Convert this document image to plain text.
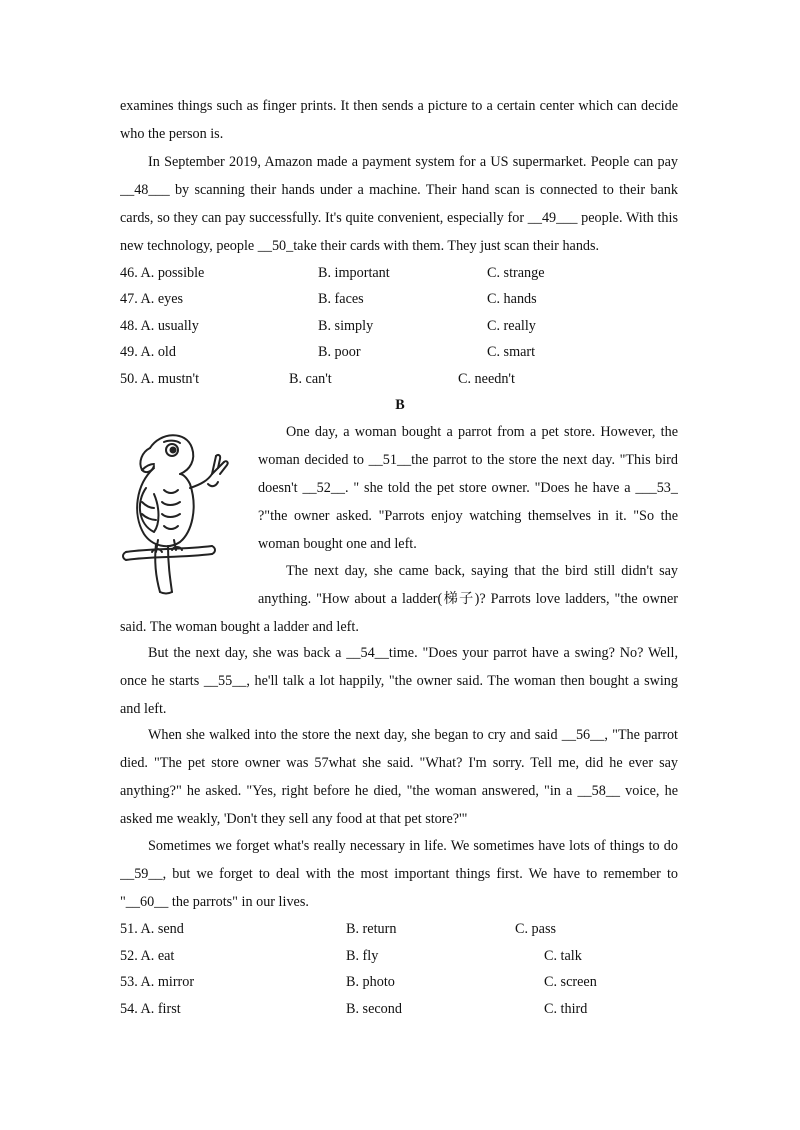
examines things such as finger prints. It then sends a picture to a certain center which can decide
who the person is.
In September 2019, Amazon made a payment system for a US supermarket. People can pay
__48___ by scanning their hands under a machine. Their hand scan is connected to their bank
cards, so they can pay successfully. It's quite convenient, especially for __49___ people. With this
new technology, people __50_take their cards with them. They just scan their hands.
46. A. possible	B. important	C. strange
47. A. eyes	B. faces	C. hands
48. A. usually	B. simply	C. really
49. A. old	B. poor	C. smart
50. A. mustn't	B. can't	C. needn't
B
One day, a woman bought a parrot from a pet store. However, the
woman decided to __51__the parrot to the store the next day. "This bird
doesn't __52__. " she told the pet store owner. "Does he have a ___53_
?"the owner asked. "Parrots enjoy watching themselves in it. "So the
woman bought one and left.
The next day, she came back, saying that the bird still didn't say
anything. "How about a ladder(梯子)? Parrots love ladders, "the owner
said. The woman bought a ladder and left.
But the next day, she was back a __54__time. "Does your parrot have a swing? No? Well,
once he starts __55__, he'll talk a lot happily, "the owner said. The woman then bought a swing
and left.
When she walked into the store the next day, she began to cry and said __56__, "The parrot
died. "The pet store owner was 57what she said. "What? I'm sorry. Tell me, did he ever say
anything?" he asked. "Yes, right before he died, "the woman answered, "in a __58__ voice, he
asked me weakly, 'Don't they sell any food at that pet store?'"
Sometimes we forget what's really necessary in life. We sometimes have lots of things to do
__59__, but we forget to deal with the most important things first. We have to remember to
"__60__ the parrots" in our lives.
51. A. send	B. return	C. pass
52. A. eat	B. fly	C. talk
53. A. mirror	B. photo	C. screen
54. A. first	B. second	C. third
